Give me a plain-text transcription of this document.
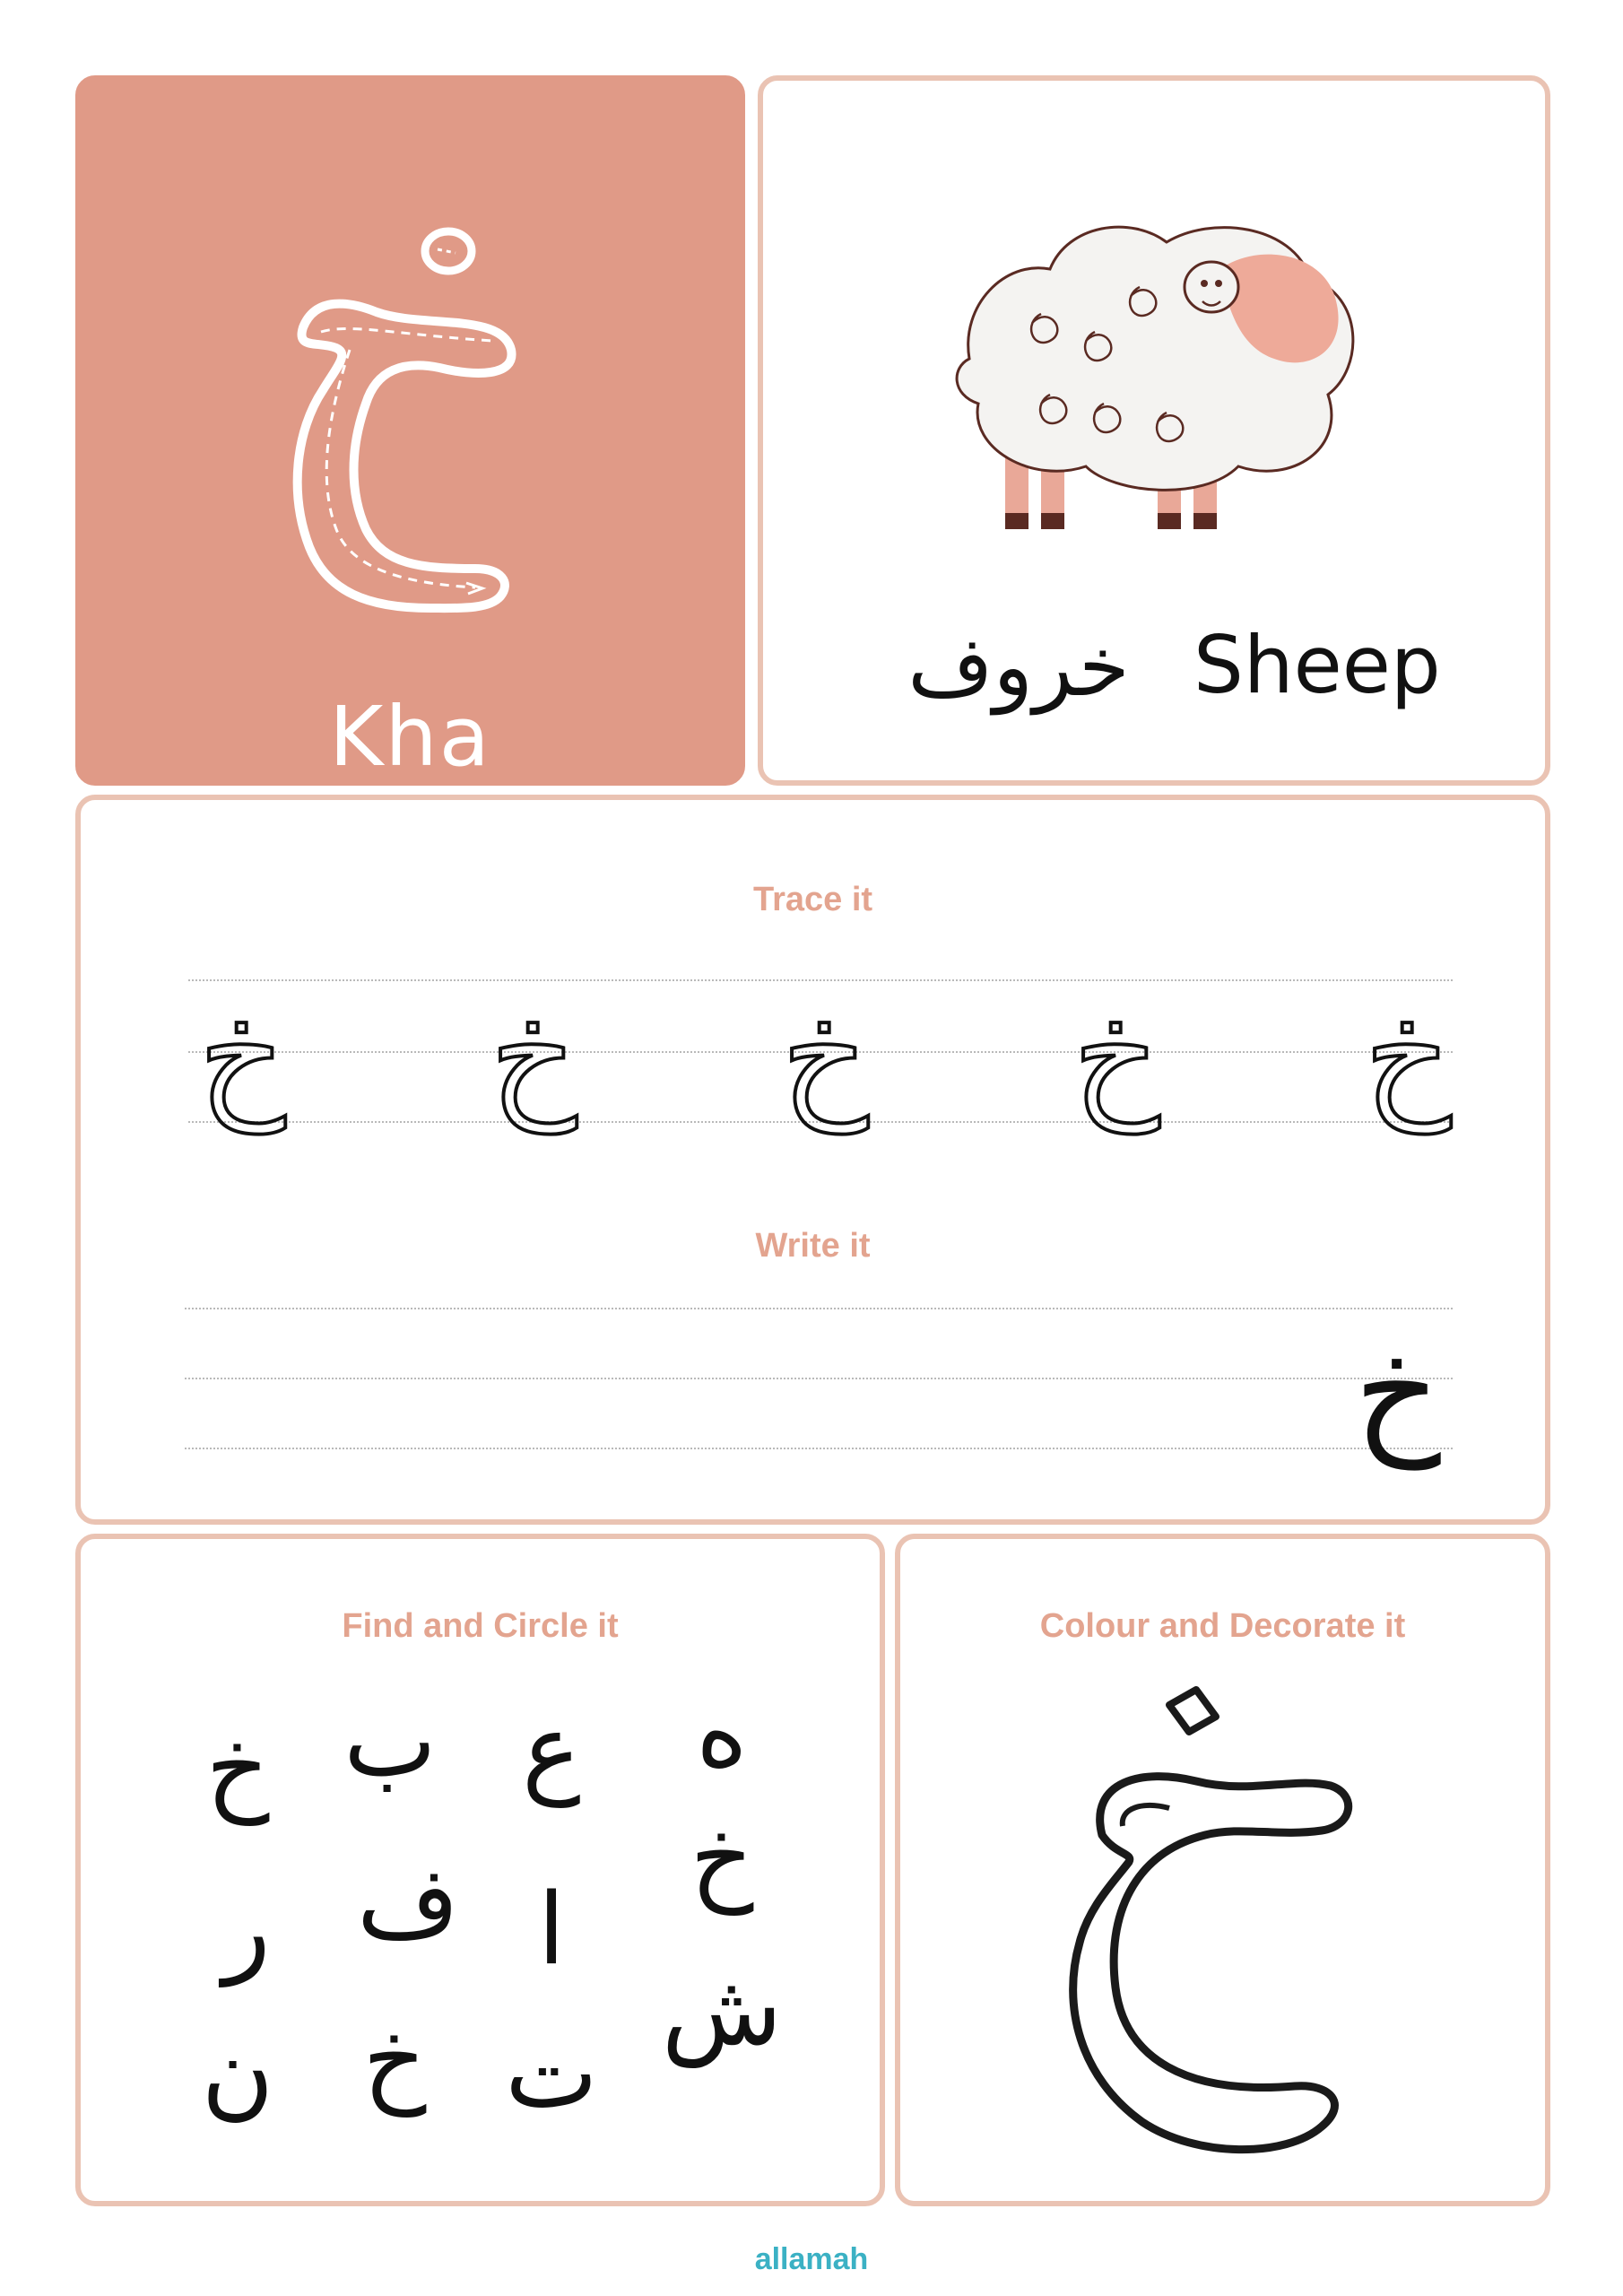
Kha
خروف Sheep
Trace it
خ خ خ خ خ
Write it
خ
Find and Circle it
خ ب ع	ه
ر ف ا
خ
ن خ ت
ش
Colour and Decorate it
allamah
